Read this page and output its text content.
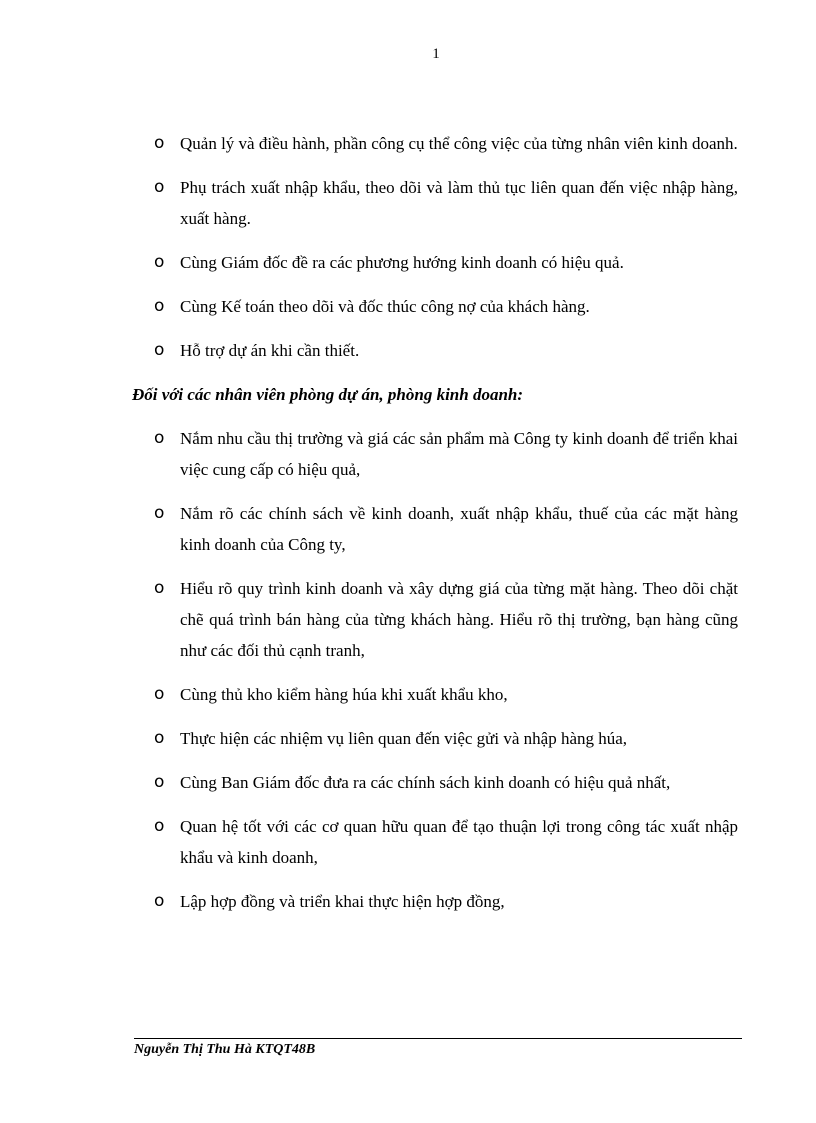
1
o Quản lý và điều hành, phần công cụ thể công việc của từng nhân viên kinh doanh.
o Phụ trách xuất nhập khẩu, theo dõi và làm thủ tục liên quan đến việc nhập hàng, xuất hàng.
o Cùng Giám đốc đề ra các phương hướng kinh doanh có hiệu quả.
o Cùng Kế toán theo dõi và đốc thúc công nợ của khách hàng.
o Hỗ trợ dự án khi cần thiết.
Đối với các nhân viên phòng dự án, phòng kinh doanh:
o Nắm nhu cầu thị trường và giá các sản phẩm mà Công ty kinh doanh để triển khai việc cung cấp có hiệu quả,
o Nắm rõ các chính sách về kinh doanh, xuất nhập khẩu, thuế của các mặt hàng kinh doanh của Công ty,
o Hiểu rõ quy trình kinh doanh và xây dựng giá của từng mặt hàng. Theo dõi chặt chẽ quá trình bán hàng của từng khách hàng. Hiểu rõ thị trường, bạn hàng cũng như các đối thủ cạnh tranh,
o Cùng thủ kho kiểm hàng húa khi xuất khẩu kho,
o Thực hiện các nhiệm vụ liên quan đến việc gửi và nhập hàng húa,
o Cùng Ban Giám đốc đưa ra các chính sách kinh doanh có hiệu quả nhất,
o Quan hệ tốt với các cơ quan hữu quan để tạo thuận lợi trong công tác xuất nhập khẩu và kinh doanh,
o Lập hợp đồng và triển khai thực hiện hợp đồng,
Nguyễn Thị Thu Hà KTQT48B
